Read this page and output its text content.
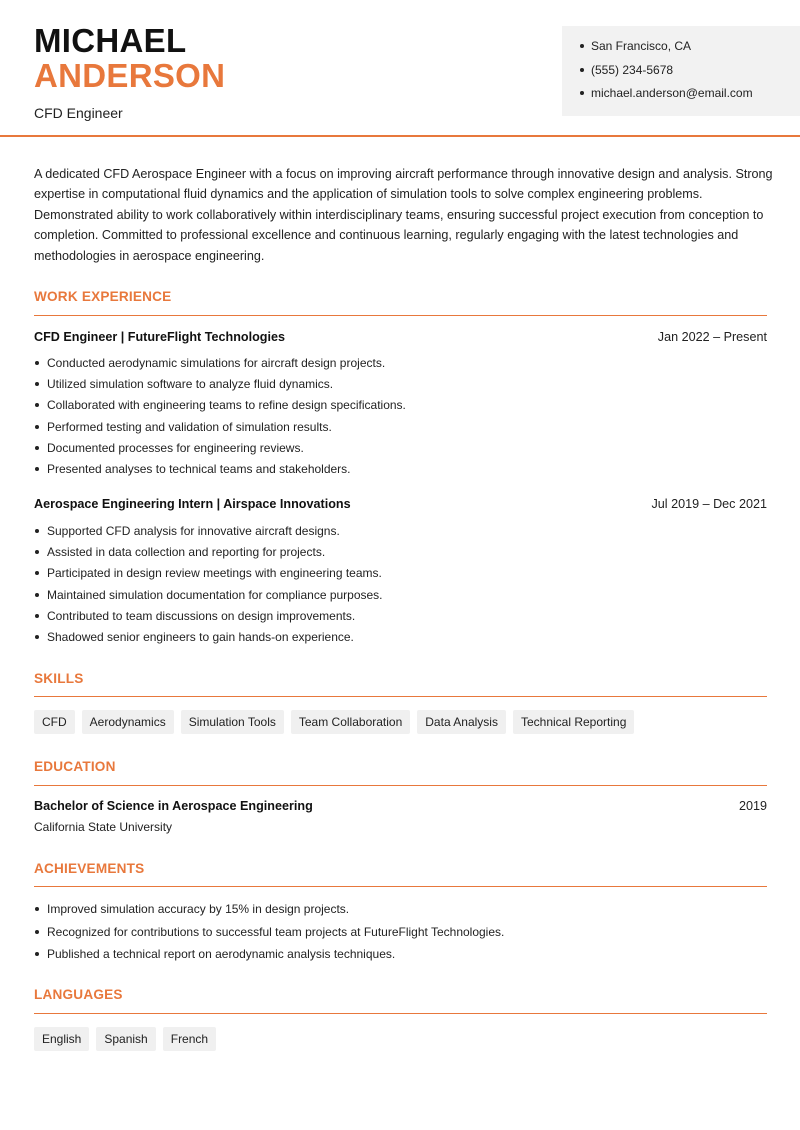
MICHAEL
ANDERSON
CFD Engineer
San Francisco, CA
(555) 234-5678
michael.anderson@email.com

A dedicated CFD Aerospace Engineer with a focus on improving aircraft performance through innovative design and analysis. Strong expertise in computational fluid dynamics and the application of simulation tools to solve complex engineering problems. Demonstrated ability to work collaboratively within interdisciplinary teams, ensuring successful project execution from conception to completion. Committed to professional excellence and continuous learning, regularly engaging with the latest technologies and methodologies in aerospace engineering.

WORK EXPERIENCE
CFD Engineer | FutureFlight Technologies	Jan 2022 – Present
Conducted aerodynamic simulations for aircraft design projects.
Utilized simulation software to analyze fluid dynamics.
Collaborated with engineering teams to refine design specifications.
Performed testing and validation of simulation results.
Documented processes for engineering reviews.
Presented analyses to technical teams and stakeholders.
Aerospace Engineering Intern | Airspace Innovations	Jul 2019 – Dec 2021
Supported CFD analysis for innovative aircraft designs.
Assisted in data collection and reporting for projects.
Participated in design review meetings with engineering teams.
Maintained simulation documentation for compliance purposes.
Contributed to team discussions on design improvements.
Shadowed senior engineers to gain hands-on experience.
SKILLS
CFD	Aerodynamics	Simulation Tools	Team Collaboration	Data Analysis	Technical Reporting
EDUCATION
Bachelor of Science in Aerospace Engineering	2019
California State University
ACHIEVEMENTS
Improved simulation accuracy by 15% in design projects.
Recognized for contributions to successful team projects at FutureFlight Technologies.
Published a technical report on aerodynamic analysis techniques.
LANGUAGES
English	Spanish	French
